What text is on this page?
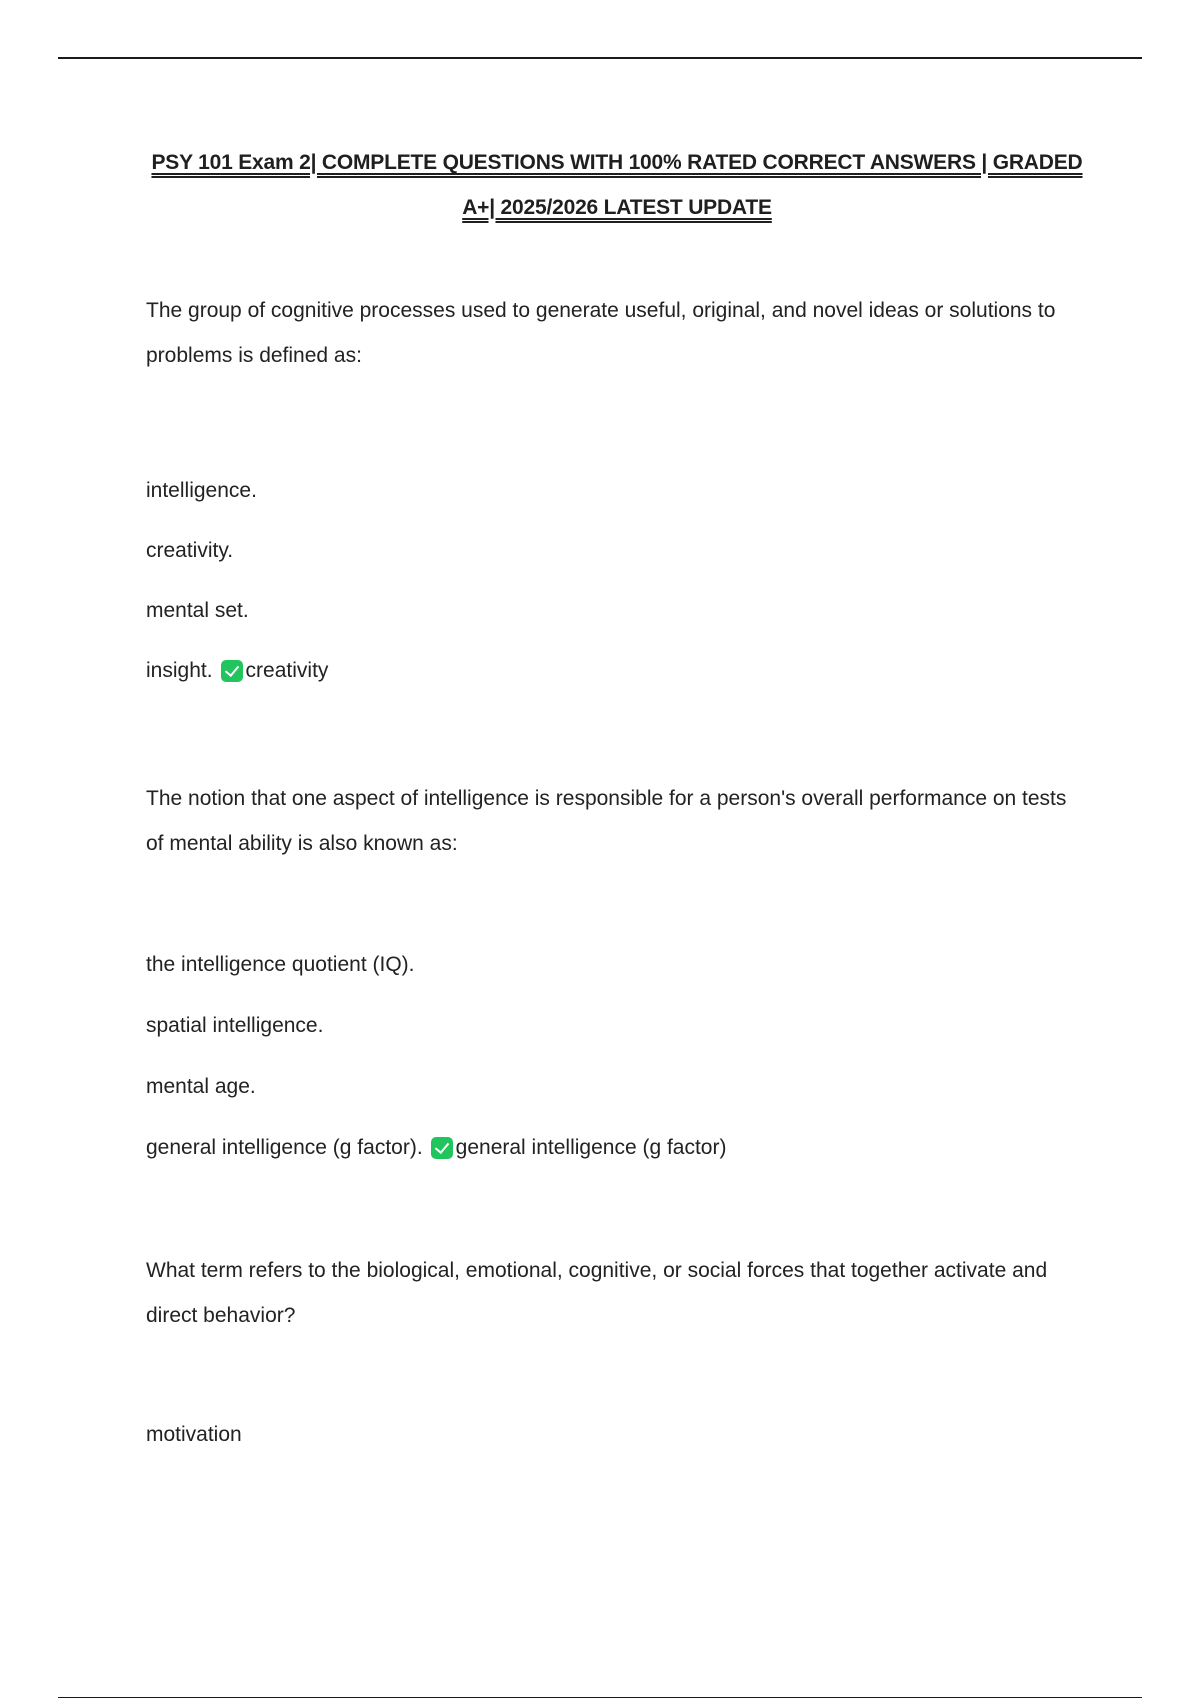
PSY 101 Exam 2| COMPLETE QUESTIONS WITH 100% RATED CORRECT ANSWERS | GRADED
A+| 2025/2026 LATEST UPDATE

The group of cognitive processes used to generate useful, original, and novel ideas or solutions to problems is defined as:

intelligence.
creativity.
mental set.
insight. creativity

The notion that one aspect of intelligence is responsible for a person's overall performance on tests of mental ability is also known as:

the intelligence quotient (IQ).
spatial intelligence.
mental age.
general intelligence (g factor). general intelligence (g factor)

What term refers to the biological, emotional, cognitive, or social forces that together activate and direct behavior?

motivation
